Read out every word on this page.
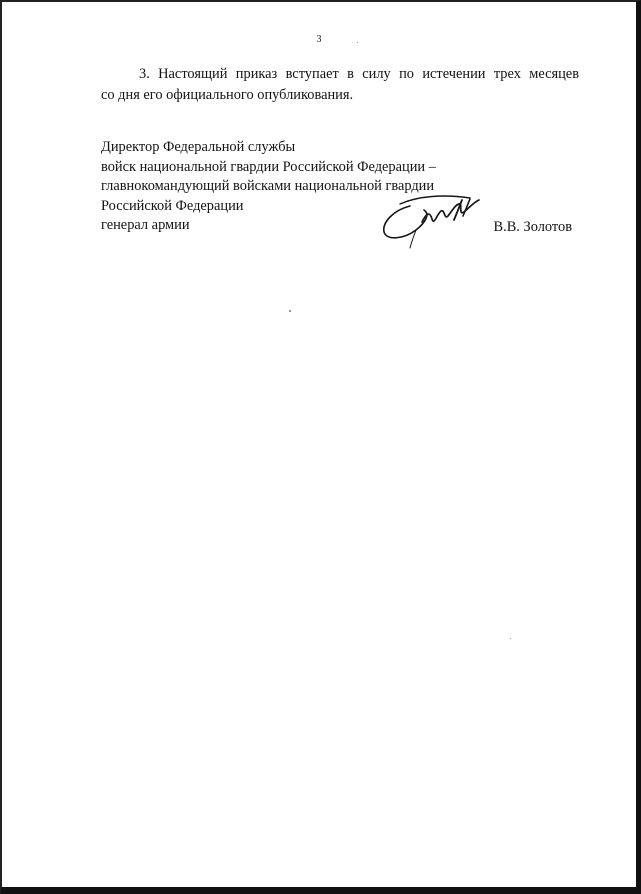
3
3. Настоящий приказ вступает в силу по истечении трех месяцев
со дня его официального опубликования.
Директор Федеральной службы
войск национальной гвардии Российской Федерации –
главнокомандующий войсками национальной гвардии
Российской Федерации
генерал армии	В.В. Золотов
